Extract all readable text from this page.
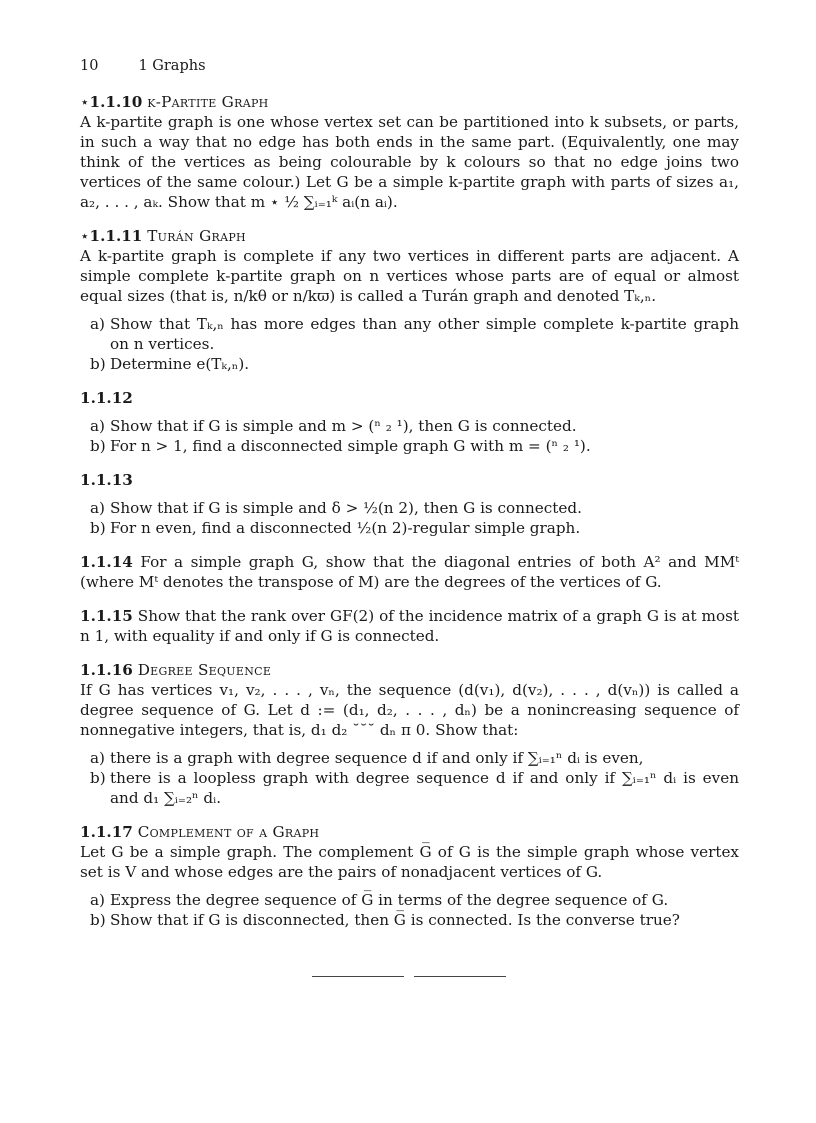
10	1 Graphs
⋆1.1.10 k-Partite Graph
A k-partite graph is one whose vertex set can be partitioned into k subsets, or parts, in such a way that no edge has both ends in the same part. (Equivalently, one may think of the vertices as being colourable by k colours so that no edge joins two vertices of the same colour.) Let G be a simple k-partite graph with parts of sizes a₁, a₂, . . . , aₖ. Show that m ⋆ ½ ∑ᵢ₌₁ᵏ aᵢ(n aᵢ).
⋆1.1.11 Turán Graph
A k-partite graph is complete if any two vertices in different parts are adjacent. A simple complete k-partite graph on n vertices whose parts are of equal or almost equal sizes (that is, n/kθ or n/kϖ) is called a Turán graph and denoted Tₖ,ₙ.
a) Show that Tₖ,ₙ has more edges than any other simple complete k-partite graph on n vertices.
b) Determine e(Tₖ,ₙ).
1.1.12
a) Show that if G is simple and m > (ⁿ ₂ ¹), then G is connected.
b) For n > 1, find a disconnected simple graph G with m = (ⁿ ₂ ¹).
1.1.13
a) Show that if G is simple and δ > ½(n 2), then G is connected.
b) For n even, find a disconnected ½(n 2)-regular simple graph.
1.1.14 For a simple graph G, show that the diagonal entries of both A² and MMᵗ (where Mᵗ denotes the transpose of M) are the degrees of the vertices of G.
1.1.15 Show that the rank over GF(2) of the incidence matrix of a graph G is at most n 1, with equality if and only if G is connected.
1.1.16 Degree Sequence
If G has vertices v₁, v₂, . . . , vₙ, the sequence (d(v₁), d(v₂), . . . , d(vₙ)) is called a degree sequence of G. Let d := (d₁, d₂, . . . , dₙ) be a nonincreasing sequence of nonnegative integers, that is, d₁ d₂ ˘˘˘ dₙ π 0. Show that:
a) there is a graph with degree sequence d if and only if ∑ᵢ₌₁ⁿ dᵢ is even,
b) there is a loopless graph with degree sequence d if and only if ∑ᵢ₌₁ⁿ dᵢ is even and d₁ ∑ᵢ₌₂ⁿ dᵢ.
1.1.17 Complement of a Graph
Let G be a simple graph. The complement G̅ of G is the simple graph whose vertex set is V and whose edges are the pairs of nonadjacent vertices of G.
a) Express the degree sequence of G̅ in terms of the degree sequence of G.
b) Show that if G is disconnected, then G̅ is connected. Is the converse true?
